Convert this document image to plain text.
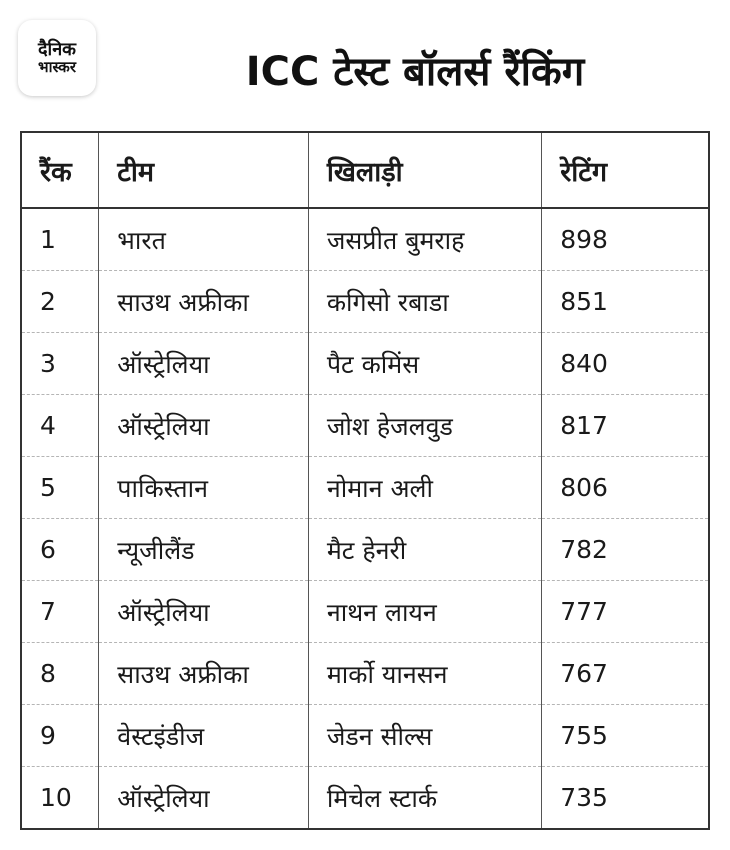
दैनिक
भास्कर	ICC टेस्ट बॉलर्स रैंकिंग
रैंक	टीम	खिलाड़ी	रेटिंग
1	भारत	जसप्रीत बुमराह	898
2	साउथ अफ्रीका	कगिसो रबाडा	851
3	ऑस्ट्रेलिया	पैट कमिंस	840
4	ऑस्ट्रेलिया	जोश हेजलवुड	817
5	पाकिस्तान	नोमान अली	806
6	न्यूजीलैंड	मैट हेनरी	782
7	ऑस्ट्रेलिया	नाथन लायन	777
8	साउथ अफ्रीका	मार्को यानसन	767
9	वेस्टइंडीज	जेडन सील्स	755
10	ऑस्ट्रेलिया	मिचेल स्टार्क	735
